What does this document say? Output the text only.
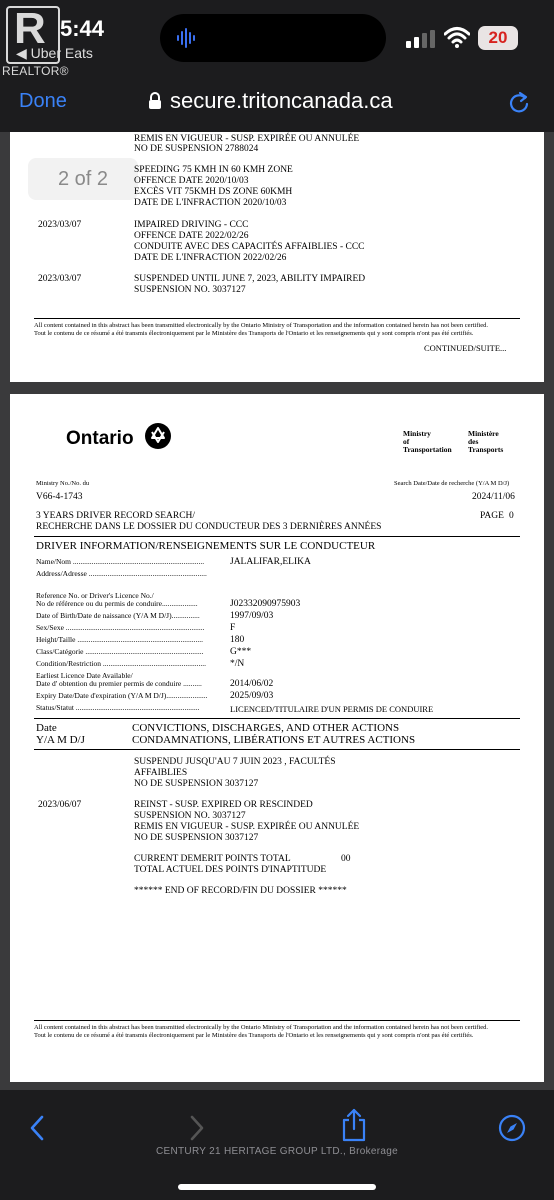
R
REALTOR®
5:44
◀ Uber Eats
20
Done	secure.tritoncanada.ca
REMIS EN VIGUEUR - SUSP. EXPIRÉE OU ANNULÉE
NO DE SUSPENSION 2788024
2 of 2	SPEEDING 75 KMH IN 60 KMH ZONE
OFFENCE DATE 2020/10/03
EXCÈS VIT 75KMH DS ZONE 60KMH
DATE DE L'INFRACTION 2020/10/03
2023/03/07	IMPAIRED DRIVING - CCC
OFFENCE DATE 2022/02/26
CONDUITE AVEC DES CAPACITÉS AFFAIBLIES - CCC
DATE DE L'INFRACTION 2022/02/26
2023/03/07	SUSPENDED UNTIL JUNE 7, 2023, ABILITY IMPAIRED
SUSPENSION NO. 3037127
All content contained in this abstract has been transmitted electronically by the Ontario Ministry of Transportation and the information contained herein has not been certified.
Tout le contenu de ce résumé a été transmis électroniquement par le Ministère des Transports de l'Ontario et les renseignements qui y sont compris n'ont pas été certifiés.
CONTINUED/SUITE...
Ontario	Ministry
of
Transportation
Ministère
des
Transports
Ministry No./No. du
V66-4-1743
Search Date/Date de recherche (Y/A M D/J)
2024/11/06
3 YEARS DRIVER RECORD SEARCH/
RECHERCHE DANS LE DOSSIER DU CONDUCTEUR DES 3 DERNIÈRES ANNÉES
PAGE 0
DRIVER INFORMATION/RENSEIGNEMENTS SUR LE CONDUCTEUR
Name/Nom ......................................................................	JALALIFAR,ELIKA
Address/Adresse ...............................................................
Reference No. or Driver's Licence No./
No de référence ou du permis de conduire...................	J02332090975903
Date of Birth/Date de naissance (Y/A M D/J)...............	1997/09/03
Sex/Sexe ..........................................................................	F
Height/Taille ...................................................................	180
Class/Catégorie ...............................................................	G***
Condition/Restriction .......................................................	*/N
Earliest Licence Date Available/
Date d' obtention du premier permis de conduire ..........	2014/06/02
Expiry Date/Date d'expiration (Y/A M D/J)...................... 2025/09/03
Status/Statut ..................................................................	LICENCED/TITULAIRE D'UN PERMIS DE CONDUIRE
Date
Y/A M D/J
CONVICTIONS, DISCHARGES, AND OTHER ACTIONS
CONDAMNATIONS, LIBÉRATIONS ET AUTRES ACTIONS
SUSPENDU JUSQU'AU 7 JUIN 2023 , FACULTÉS
AFFAIBLIES
NO DE SUSPENSION 3037127
2023/06/07	REINST - SUSP. EXPIRED OR RESCINDED
SUSPENSION NO. 3037127
REMIS EN VIGUEUR - SUSP. EXPIRÉE OU ANNULÉE
NO DE SUSPENSION 3037127
CURRENT DEMERIT POINTS TOTAL
TOTAL ACTUEL DES POINTS D'INAPTITUDE
00
****** END OF RECORD/FIN DU DOSSIER ******
All content contained in this abstract has been transmitted electronically by the Ontario Ministry of Transportation and the information contained herein has not been certified.
Tout le contenu de ce résumé a été transmis électroniquement par le Ministère des Transports de l'Ontario et les renseignements qui y sont compris n'ont pas été certifiés.
CENTURY 21 HERITAGE GROUP LTD., Brokerage
